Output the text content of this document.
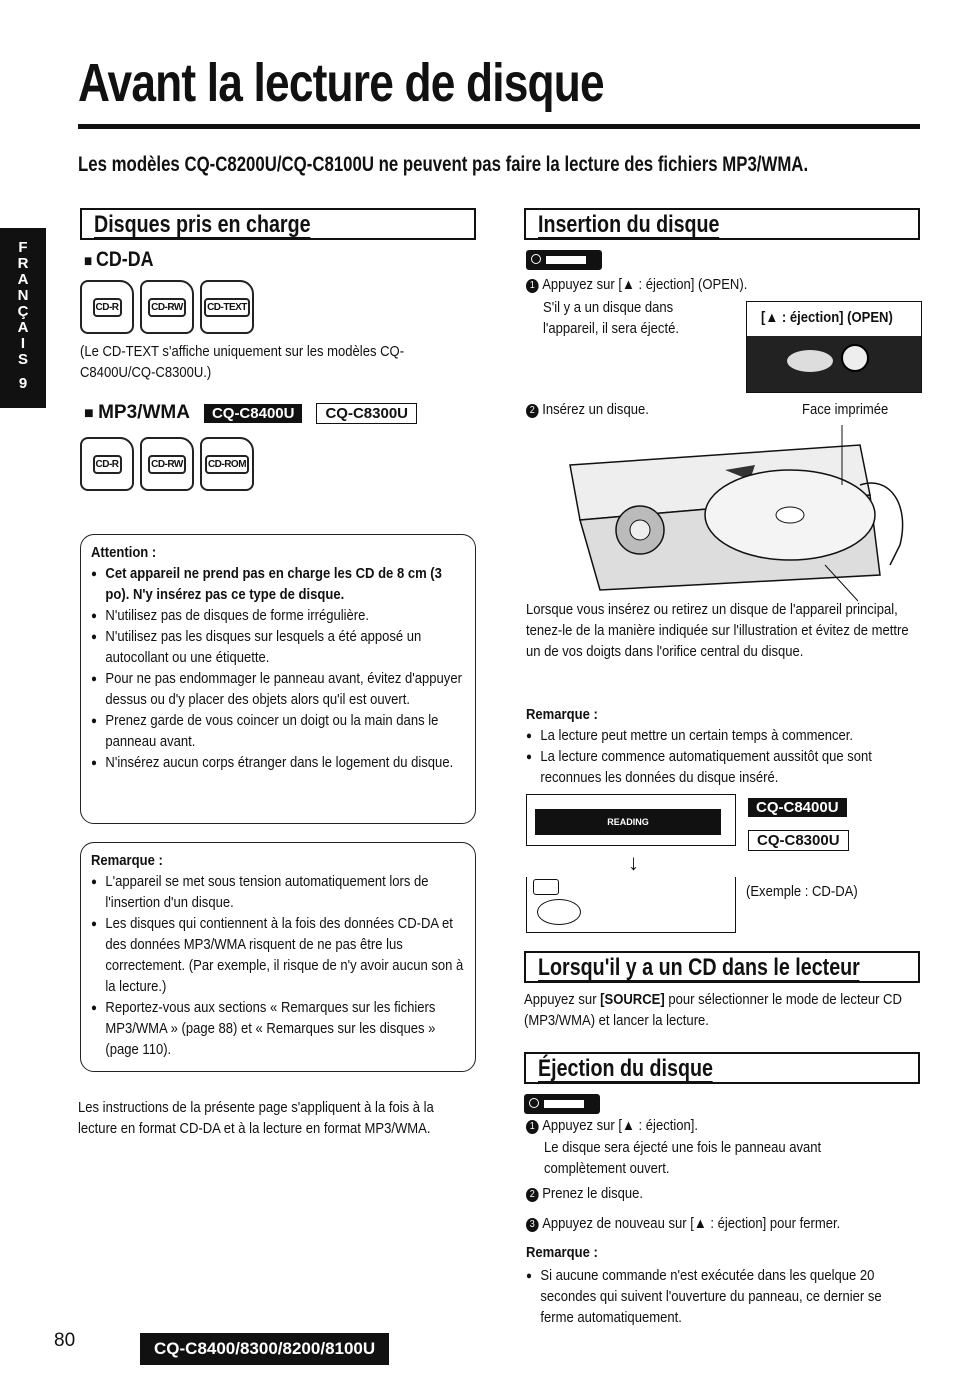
Avant la lecture de disque
Les modèles CQ-C8200U/CQ-C8100U ne peuvent pas faire la lecture des fichiers MP3/WMA.
F
R
A
N
Ç
A
I
S
9
Disques pris en charge
■ CD-DA
CD-R	CD-RW	CD-TEXT
(Le CD-TEXT s'affiche uniquement sur les modèles CQ-C8400U/CQ-C8300U.)
■ MP3/WMA	CQ-C8400U	CQ-C8300U
CD-R	CD-RW	CD-ROM
Attention :
● Cet appareil ne prend pas en charge les CD de 8 cm (3 po). N'y insérez pas ce type de disque.
● N'utilisez pas de disques de forme irrégulière.
● N'utilisez pas les disques sur lesquels a été apposé un autocollant ou une étiquette.
● Pour ne pas endommager le panneau avant, évitez d'appuyer dessus ou d'y placer des objets alors qu'il est ouvert.
● Prenez garde de vous coincer un doigt ou la main dans le panneau avant.
● N'insérez aucun corps étranger dans le logement du disque.
Remarque :
● L'appareil se met sous tension automatiquement lors de l'insertion d'un disque.
● Les disques qui contiennent à la fois des données CD-DA et des données MP3/WMA risquent de ne pas être lus correctement. (Par exemple, il risque de n'y avoir aucun son à la lecture.)
● Reportez-vous aux sections « Remarques sur les fichiers MP3/WMA » (page 88) et « Remarques sur les disques » (page 110).
Les instructions de la présente page s'appliquent à la fois à la lecture en format CD-DA et à la lecture en format MP3/WMA.
Insertion du disque
1 Appuyez sur [▲ : éjection] (OPEN).
S'il y a un disque dans l'appareil, il sera éjecté.
[▲ : éjection] (OPEN)
2 Insérez un disque.	Face imprimée
Lorsque vous insérez ou retirez un disque de l'appareil principal, tenez-le de la manière indiquée sur l'illustration et évitez de mettre un de vos doigts dans l'orifice central du disque.
Remarque :
● La lecture peut mettre un certain temps à commencer.
● La lecture commence automatiquement aussitôt que sont reconnues les données du disque inséré.
READING
CQ-C8400U
CQ-C8300U
↓
(Exemple : CD-DA)
Lorsqu'il y a un CD dans le lecteur
Appuyez sur [SOURCE] pour sélectionner le mode de lecteur CD (MP3/WMA) et lancer la lecture.
Éjection du disque
1 Appuyez sur [▲ : éjection].
Le disque sera éjecté une fois le panneau avant complètement ouvert.
2 Prenez le disque.
3 Appuyez de nouveau sur [▲ : éjection] pour fermer.
Remarque :
● Si aucune commande n'est exécutée dans les quelque 20 secondes qui suivent l'ouverture du panneau, ce dernier se ferme automatiquement.
80	CQ-C8400/8300/8200/8100U
